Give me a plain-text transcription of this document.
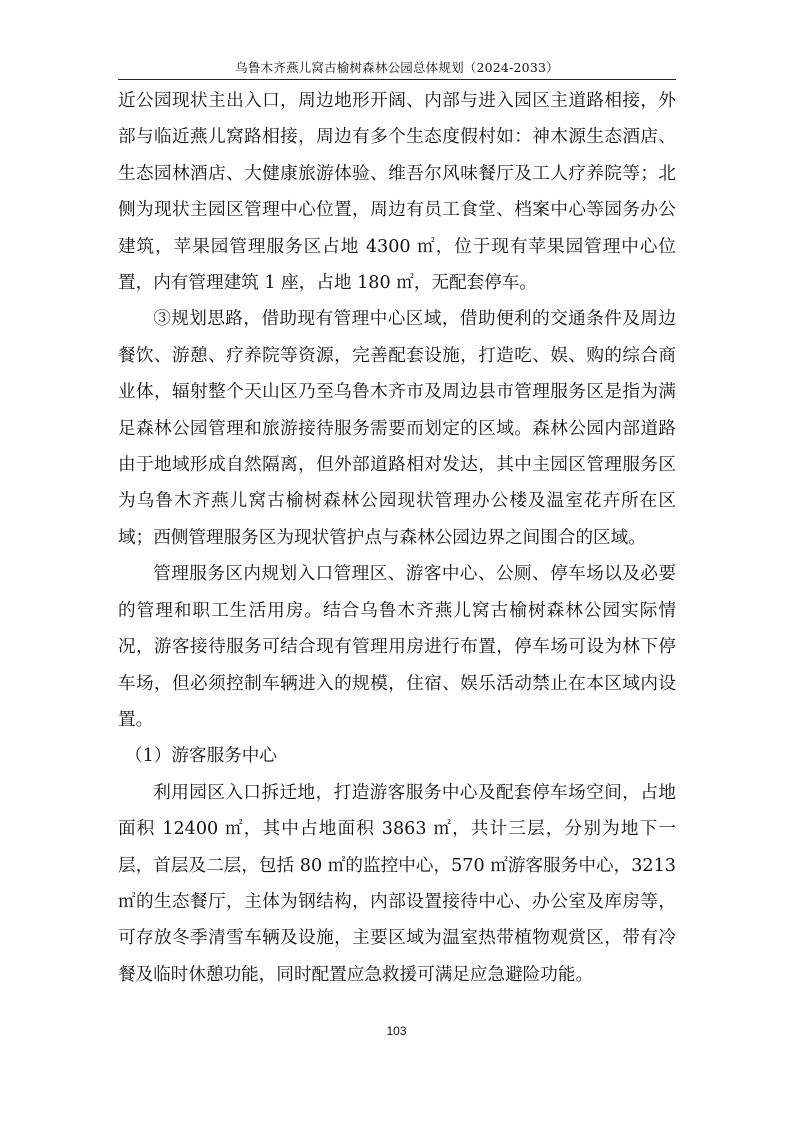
乌鲁木齐燕儿窝古榆树森林公园总体规划（2024-2033）

近公园现状主出入口，周边地形开阔、内部与进入园区主道路相接，外部与临近燕儿窝路相接，周边有多个生态度假村如：神木源生态酒店、生态园林酒店、大健康旅游体验、维吾尔风味餐厅及工人疗养院等；北侧为现状主园区管理中心位置，周边有员工食堂、档案中心等园务办公建筑，苹果园管理服务区占地 4300 ㎡，位于现有苹果园管理中心位置，内有管理建筑 1 座，占地 180 ㎡，无配套停车。

③规划思路，借助现有管理中心区域，借助便利的交通条件及周边餐饮、游憩、疗养院等资源，完善配套设施，打造吃、娱、购的综合商业体，辐射整个天山区乃至乌鲁木齐市及周边县市管理服务区是指为满足森林公园管理和旅游接待服务需要而划定的区域。森林公园内部道路由于地域形成自然隔离，但外部道路相对发达，其中主园区管理服务区为乌鲁木齐燕儿窝古榆树森林公园现状管理办公楼及温室花卉所在区域；西侧管理服务区为现状管护点与森林公园边界之间围合的区域。

管理服务区内规划入口管理区、游客中心、公厕、停车场以及必要的管理和职工生活用房。结合乌鲁木齐燕儿窝古榆树森林公园实际情况，游客接待服务可结合现有管理用房进行布置，停车场可设为林下停车场，但必须控制车辆进入的规模，住宿、娱乐活动禁止在本区域内设置。

（1）游客服务中心

利用园区入口拆迁地，打造游客服务中心及配套停车场空间，占地面积 12400 ㎡，其中占地面积 3863 ㎡，共计三层，分别为地下一层，首层及二层，包括 80 ㎡的监控中心，570 ㎡游客服务中心，3213 ㎡的生态餐厅，主体为钢结构，内部设置接待中心、办公室及库房等，可存放冬季清雪车辆及设施，主要区域为温室热带植物观赏区，带有冷餐及临时休憩功能，同时配置应急救援可满足应急避险功能。

103
